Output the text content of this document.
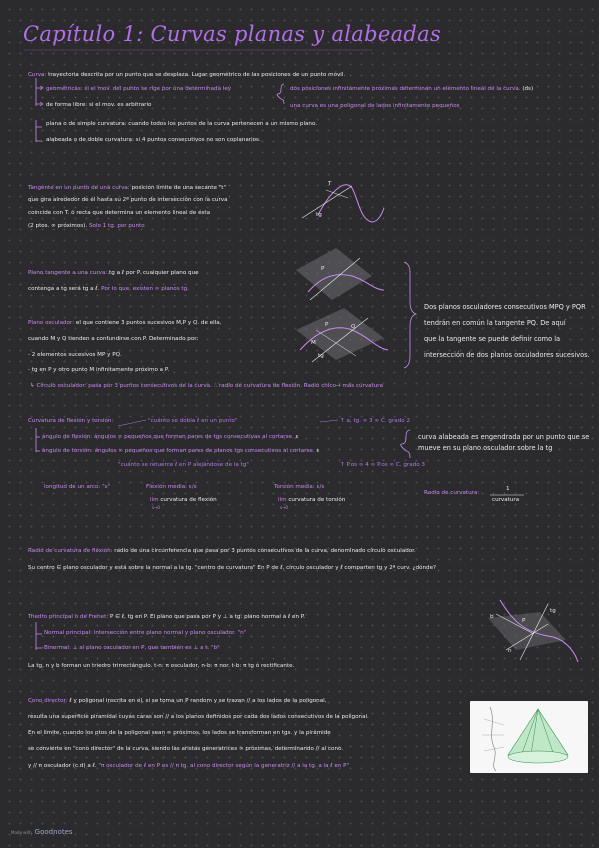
Capítulo 1: Curvas planas y alabeadas
Curva: trayectoria descrita por un punto que se desplaza. Lugar geométrico de las posiciones de un punto móvil.
geométricas: si el mov. del punto se rige por una determinada ley
de forma libre: si el mov. es arbitrario
dos posiciones infinitamente próximas determinan un elemento lineal de la curva. (ds)
una curva es una poligonal de lados infinitamente pequeños
plana o de simple curvatura: cuando todos los puntos de la curva pertenecen a un mismo plano.
alabeada o de doble curvatura: si 4 puntos consecutivos no son coplanarios.
Tangente en un punto de una curva: posición límite de una secante "t"
que gira alrededor de él hasta su 2º punto de intersección con la curva
coincide con T. ó recta que determina un elemento lineal de ésta
(2 ptos. ∞ próximos). Solo 1 tg. por punto
T
tg
Plano tangente a una curva: tg a ℓ por P. cualquier plano que
contenga a tg será tg a ℓ. Por lo que, existen ∞ planos tg.
P
Plano osculador: el que contiene 3 puntos sucesivos M,P y Q. de ella,
cuando M y Q tienden a confundirse con P. Determinado por:
- 2 elementos sucesivos MP y PQ.
- tg en P y otro punto M infinitamente próximo a P.
↳ Círculo osculador: pasa por 3 puntos consecutivos de la curva. ∴ radio de curvatura de flexión. Radio chico→ más curvatura
P	Q
M
tg
Dos planos osculadores consecutivos MPQ y PQR
tendrán en común la tangente PQ. De aquí
que la tangente se puede definir como la
intersección de dos planos osculadores sucesivos.
Curvatura de flexión y torsión:	"cuánto se dobla ℓ en un punto"	↑ a, tg. ∞ 3 ∞ C. grado 2
ángulo de flexión: ángulos ∞ pequeños que forman pares de tgs consecutivas al cortarse. ε
ángulo de torsión: ángulos ∞ pequeños que forman pares de planos tgs consecutivos al cortarse. ε
"cuánto se retuerce ℓ en P alejándose de la tg"	↑ P.os ∞ 4 ∞ P.os ∞ C. grado 3
curva alabeada es engendrada por un punto que se mueve en su plano osculador sobre la tg
longitud de un arco: "s"	Flexión media: ε/s
lím curvatura de flexión
s→0
Torsión media: ε/s
lím curvatura de torsión
s→0
Radio de curvatura:
1
curvatura
Radio de curvatura de flexión: radio de una circunferencia que pasa por 3 puntos consecutivos de la curva, denominado círculo osculador.
Su centro ∈ plano osculador y está sobre la normal a la tg. "centro de curvatura" En P de ℓ, círculo osculador y ℓ comparten tg y 2ª curv. ¿dónde?
Triedro principal o de Frenet: P ∈ ℓ, tg en P. El plano que pasa por P y ⊥ a tg: plano normal a ℓ en P.
Normal principal: intersección entre plano normal y plano osculador. "n"
Binormal: ⊥ al plano osculador en P, que también es ⊥ a t. "b"
La tg, n y b forman un triedro trirrectángulo. t-n: π osculador, n-b: π nor. t-b: π tg ó rectificante.
P
tg
n
b
Cono director: ℓ y poligonal inscrita en él, si se toma un P random y se trazan // a los lados de la poligonal,
resulta una superficie piramidal cuyas caras son // a los planos definidos por cada dos lados consecutivos de la poligonal.
En el límite, cuando los ptos de la poligonal sean ∞ próximos, los lados se transforman en tgs. y la pirámide
se convierte en "cono director" de la curva, siendo las aristas generatrices ∞ próximas, determinando // al cono.
y // π osculador (c.d) a ℓ. "π osculador de ℓ en P es // π tg. al cono director según la generatriz // a la tg. a la ℓ en P"
Made with Goodnotes
